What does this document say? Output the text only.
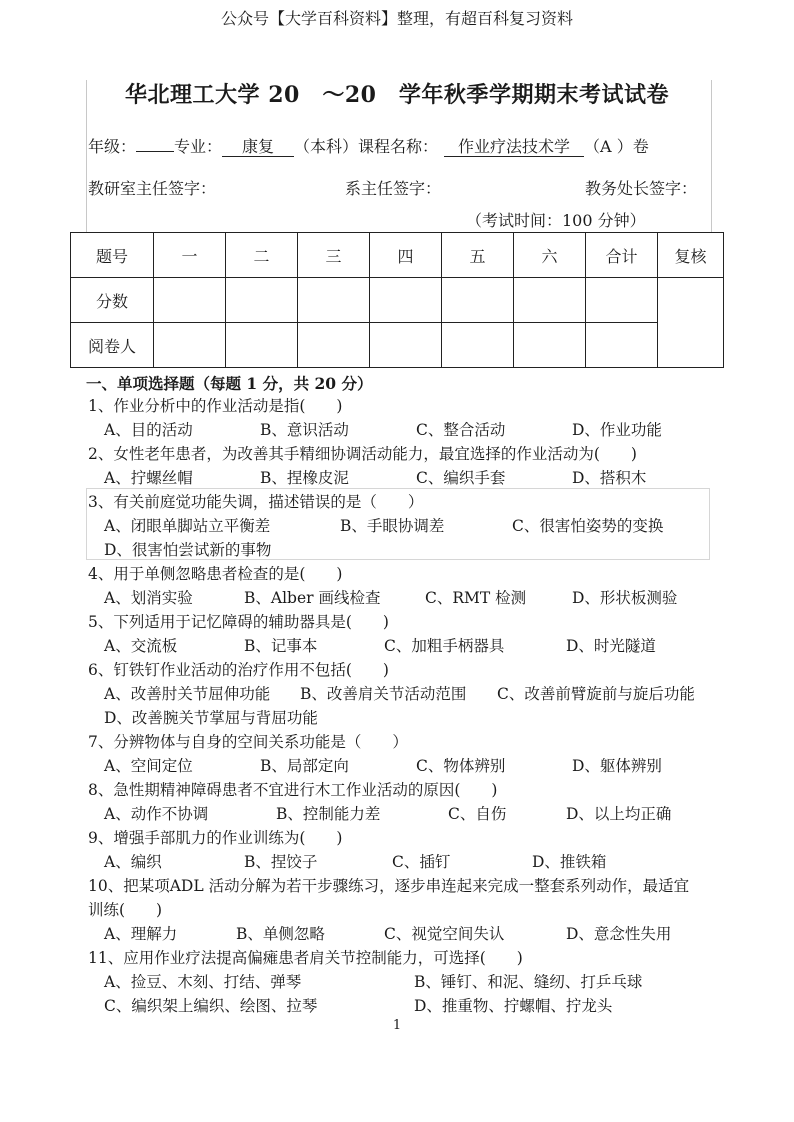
公众号【大学百科资料】整理，有超百科复习资料
华北理工大学 20　～20　学年秋季学期期末考试试卷
年级： 专业： 康复 （本科）课程名称： 作业疗法技术学 （A ）卷
教研室主任签字：	系主任签字：	教务处长签字：
（考试时间：100 分钟）
题号	一	二	三	四	五	六	合计	复核
分数								
阅卷人								
一、单项选择题（每题 1 分，共 20 分）
1、作业分析中的作业活动是指(　　)
A、目的活动	B、意识活动	C、整合活动	D、作业功能
2、女性老年患者，为改善其手精细协调活动能力，最宜选择的作业活动为(　　)
A、拧螺丝帽	B、捏橡皮泥	C、编织手套	D、搭积木
3、有关前庭觉功能失调，描述错误的是（　　）
A、闭眼单脚站立平衡差	B、手眼协调差	C、很害怕姿势的变换
D、很害怕尝试新的事物
4、用于单侧忽略患者检查的是(　　)
A、划消实验	B、Alber 画线检查	C、RMT 检测	D、形状板测验
5、下列适用于记忆障碍的辅助器具是(　　)
A、交流板	B、记事本	C、加粗手柄器具	D、时光隧道
6、钉铁钉作业活动的治疗作用不包括(　　)
A、改善肘关节屈伸功能 B、改善肩关节活动范围 C、改善前臂旋前与旋后功能
D、改善腕关节掌屈与背屈功能
7、分辨物体与自身的空间关系功能是（　　）
A、空间定位	B、局部定向	C、物体辨别	D、躯体辨别
8、急性期精神障碍患者不宜进行木工作业活动的原因(　　)
A、动作不协调	B、控制能力差	C、自伤	D、以上均正确
9、增强手部肌力的作业训练为(　　)
A、编织	B、捏饺子	C、插钉	D、推铁箱
10、把某项ADL 活动分解为若干步骤练习，逐步串连起来完成一整套系列动作，最适宜
训练(　　)
A、理解力	B、单侧忽略	C、视觉空间失认	D、意念性失用
11、应用作业疗法提高偏瘫患者肩关节控制能力，可选择(　　)
A、捡豆、木刻、打结、弹琴	B、锤钉、和泥、缝纫、打乒乓球
C、编织架上编织、绘图、拉琴	D、推重物、拧螺帽、拧龙头
1
